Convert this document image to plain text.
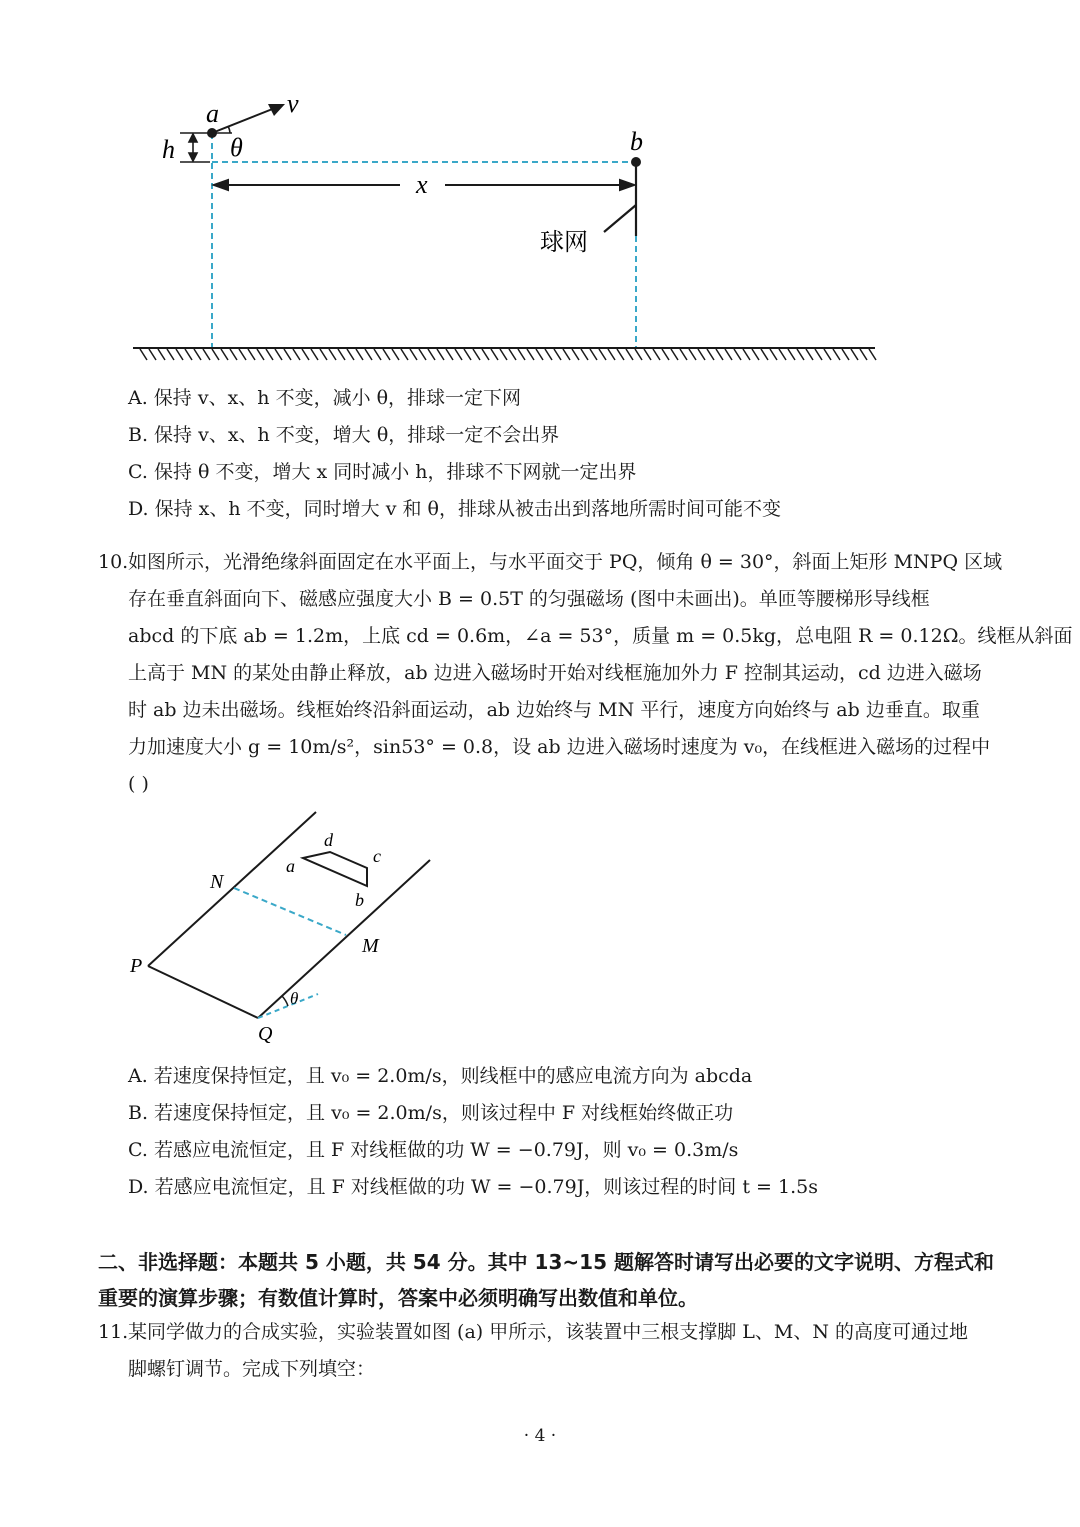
a	v
h θ	b
x
球网
A. 保持 v、x、h 不变，减小 θ，排球一定下网
B. 保持 v、x、h 不变，增大 θ，排球一定不会出界
C. 保持 θ 不变，增大 x 同时减小 h，排球不下网就一定出界
D. 保持 x、h 不变，同时增大 v 和 θ，排球从被击出到落地所需时间可能不变
10. 如图所示，光滑绝缘斜面固定在水平面上，与水平面交于 PQ，倾角 θ = 30°，斜面上矩形 MNPQ 区域
存在垂直斜面向下、磁感应强度大小 B = 0.5T 的匀强磁场 (图中未画出)。单匝等腰梯形导线框
abcd 的下底 ab = 1.2m，上底 cd = 0.6m，∠a = 53°，质量 m = 0.5kg，总电阻 R = 0.12Ω。线框从斜面
上高于 MN 的某处由静止释放，ab 边进入磁场时开始对线框施加外力 F 控制其运动，cd 边进入磁场
时 ab 边未出磁场。线框始终沿斜面运动，ab 边始终与 MN 平行，速度方向始终与 ab 边垂直。取重
力加速度大小 g = 10m/s²，sin53° = 0.8，设 ab 边进入磁场时速度为 v₀，在线框进入磁场的过程中
( )
N
M
P
Q
a
d
c
b
θ
A. 若速度保持恒定，且 v₀ = 2.0m/s，则线框中的感应电流方向为 abcda
B. 若速度保持恒定，且 v₀ = 2.0m/s，则该过程中 F 对线框始终做正功
C. 若感应电流恒定，且 F 对线框做的功 W = −0.79J，则 v₀ = 0.3m/s
D. 若感应电流恒定，且 F 对线框做的功 W = −0.79J，则该过程的时间 t = 1.5s
二、非选择题：本题共 5 小题，共 54 分。其中 13~15 题解答时请写出必要的文字说明、方程式和
重要的演算步骤；有数值计算时，答案中必须明确写出数值和单位。
11. 某同学做力的合成实验，实验装置如图 (a) 甲所示，该装置中三根支撑脚 L、M、N 的高度可通过地
脚螺钉调节。完成下列填空：
· 4 ·
